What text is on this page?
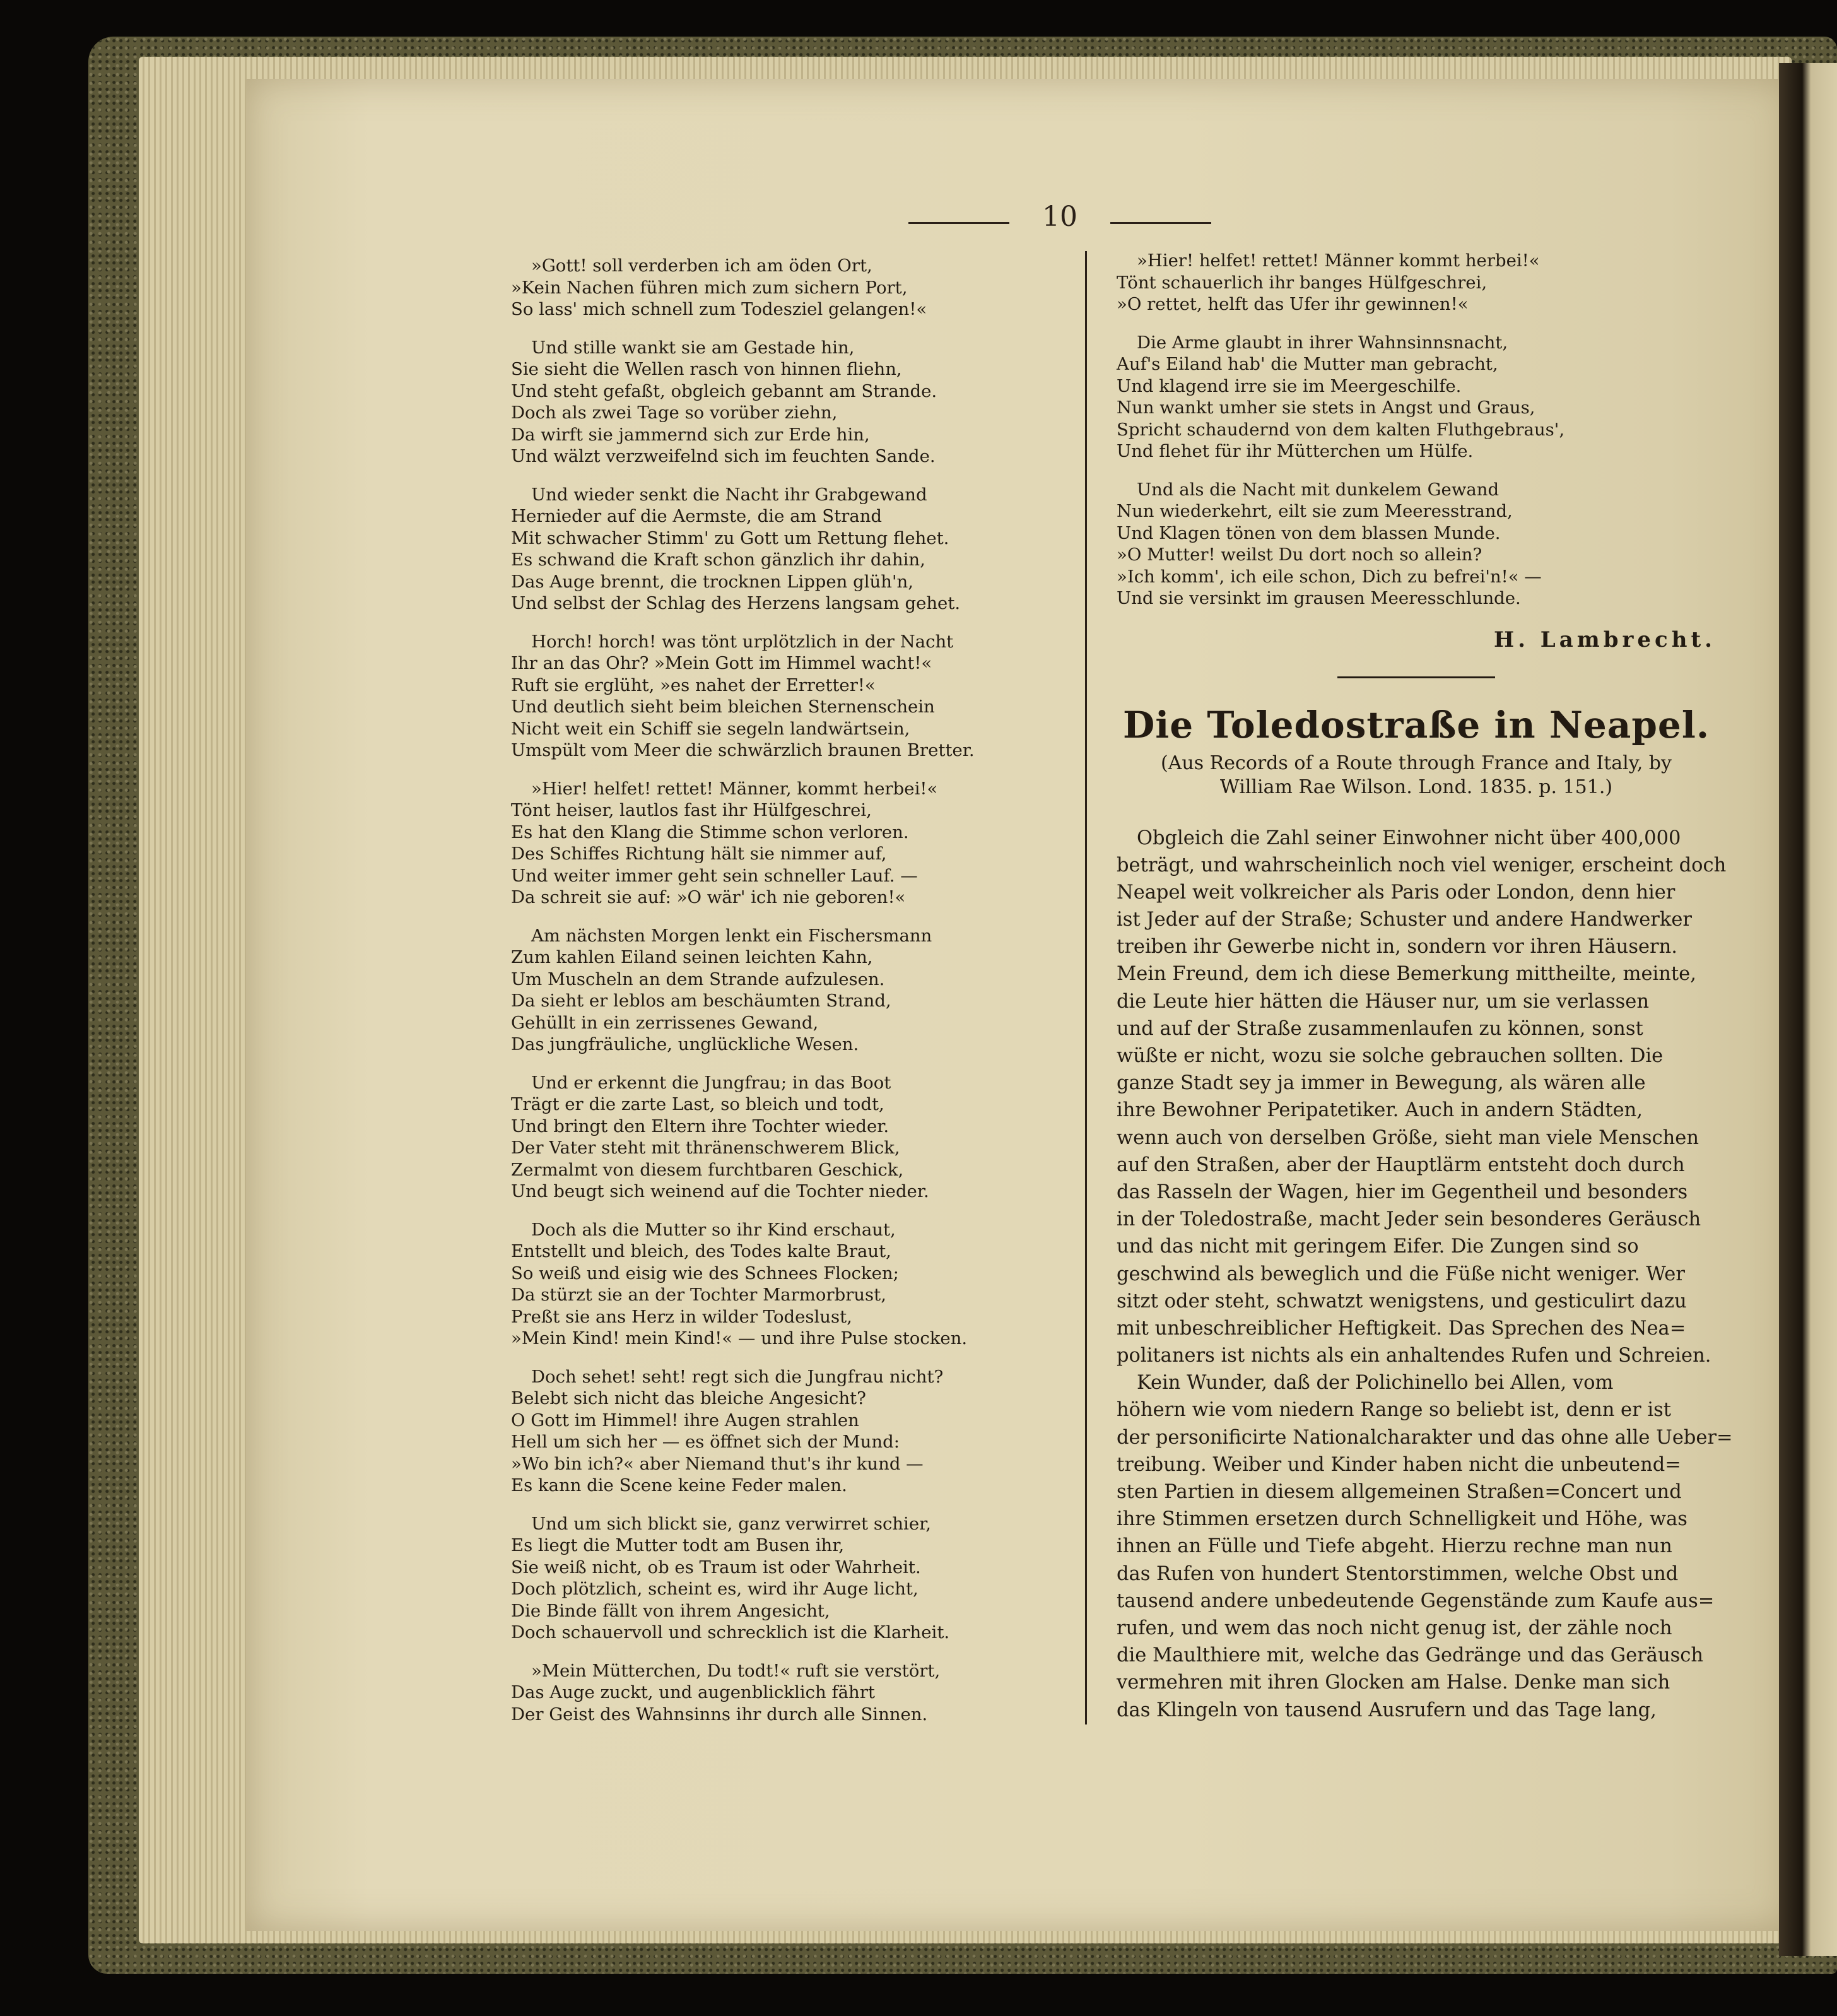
10
»Gott! soll verderben ich am öden Ort,
»Kein Nachen führen mich zum sichern Port,
So lass' mich schnell zum Todesziel gelangen!«
Und stille wankt sie am Gestade hin,
Sie sieht die Wellen rasch von hinnen fliehn,
Und steht gefaßt, obgleich gebannt am Strande.
Doch als zwei Tage so vorüber ziehn,
Da wirft sie jammernd sich zur Erde hin,
Und wälzt verzweifelnd sich im feuchten Sande.
Und wieder senkt die Nacht ihr Grabgewand
Hernieder auf die Aermste, die am Strand
Mit schwacher Stimm' zu Gott um Rettung flehet.
Es schwand die Kraft schon gänzlich ihr dahin,
Das Auge brennt, die trocknen Lippen glüh'n,
Und selbst der Schlag des Herzens langsam gehet.
Horch! horch! was tönt urplötzlich in der Nacht
Ihr an das Ohr? »Mein Gott im Himmel wacht!«
Ruft sie erglüht, »es nahet der Erretter!«
Und deutlich sieht beim bleichen Sternenschein
Nicht weit ein Schiff sie segeln landwärtsein,
Umspült vom Meer die schwärzlich braunen Bretter.
»Hier! helfet! rettet! Männer, kommt herbei!«
Tönt heiser, lautlos fast ihr Hülfgeschrei,
Es hat den Klang die Stimme schon verloren.
Des Schiffes Richtung hält sie nimmer auf,
Und weiter immer geht sein schneller Lauf. —
Da schreit sie auf: »O wär' ich nie geboren!«
Am nächsten Morgen lenkt ein Fischersmann
Zum kahlen Eiland seinen leichten Kahn,
Um Muscheln an dem Strande aufzulesen.
Da sieht er leblos am beschäumten Strand,
Gehüllt in ein zerrissenes Gewand,
Das jungfräuliche, unglückliche Wesen.
Und er erkennt die Jungfrau; in das Boot
Trägt er die zarte Last, so bleich und todt,
Und bringt den Eltern ihre Tochter wieder.
Der Vater steht mit thränenschwerem Blick,
Zermalmt von diesem furchtbaren Geschick,
Und beugt sich weinend auf die Tochter nieder.
Doch als die Mutter so ihr Kind erschaut,
Entstellt und bleich, des Todes kalte Braut,
So weiß und eisig wie des Schnees Flocken;
Da stürzt sie an der Tochter Marmorbrust,
Preßt sie ans Herz in wilder Todeslust,
»Mein Kind! mein Kind!« — und ihre Pulse stocken.
Doch sehet! seht! regt sich die Jungfrau nicht?
Belebt sich nicht das bleiche Angesicht?
O Gott im Himmel! ihre Augen strahlen
Hell um sich her — es öffnet sich der Mund:
»Wo bin ich?« aber Niemand thut's ihr kund —
Es kann die Scene keine Feder malen.
Und um sich blickt sie, ganz verwirret schier,
Es liegt die Mutter todt am Busen ihr,
Sie weiß nicht, ob es Traum ist oder Wahrheit.
Doch plötzlich, scheint es, wird ihr Auge licht,
Die Binde fällt von ihrem Angesicht,
Doch schauervoll und schrecklich ist die Klarheit.
»Mein Mütterchen, Du todt!« ruft sie verstört,
Das Auge zuckt, und augenblicklich fährt
Der Geist des Wahnsinns ihr durch alle Sinnen.
»Hier! helfet! rettet! Männer kommt herbei!«
Tönt schauerlich ihr banges Hülfgeschrei,
»O rettet, helft das Ufer ihr gewinnen!«
Die Arme glaubt in ihrer Wahnsinnsnacht,
Auf's Eiland hab' die Mutter man gebracht,
Und klagend irre sie im Meergeschilfe.
Nun wankt umher sie stets in Angst und Graus,
Spricht schaudernd von dem kalten Fluthgebraus',
Und flehet für ihr Mütterchen um Hülfe.
Und als die Nacht mit dunkelem Gewand
Nun wiederkehrt, eilt sie zum Meeresstrand,
Und Klagen tönen von dem blassen Munde.
»O Mutter! weilst Du dort noch so allein?
»Ich komm', ich eile schon, Dich zu befrei'n!« —
Und sie versinkt im grausen Meeresschlunde.
H. Lambrecht.
Die Toledostraße in Neapel.
(Aus Records of a Route through France and Italy, by
William Rae Wilson. Lond. 1835. p. 151.)
Obgleich die Zahl seiner Einwohner nicht über 400,000
beträgt, und wahrscheinlich noch viel weniger, erscheint doch
Neapel weit volkreicher als Paris oder London, denn hier
ist Jeder auf der Straße; Schuster und andere Handwerker
treiben ihr Gewerbe nicht in, sondern vor ihren Häusern.
Mein Freund, dem ich diese Bemerkung mittheilte, meinte,
die Leute hier hätten die Häuser nur, um sie verlassen
und auf der Straße zusammenlaufen zu können, sonst
wüßte er nicht, wozu sie solche gebrauchen sollten. Die
ganze Stadt sey ja immer in Bewegung, als wären alle
ihre Bewohner Peripatetiker. Auch in andern Städten,
wenn auch von derselben Größe, sieht man viele Menschen
auf den Straßen, aber der Hauptlärm entsteht doch durch
das Rasseln der Wagen, hier im Gegentheil und besonders
in der Toledostraße, macht Jeder sein besonderes Geräusch
und das nicht mit geringem Eifer. Die Zungen sind so
geschwind als beweglich und die Füße nicht weniger. Wer
sitzt oder steht, schwatzt wenigstens, und gesticulirt dazu
mit unbeschreiblicher Heftigkeit. Das Sprechen des Nea=
politaners ist nichts als ein anhaltendes Rufen und Schreien.
Kein Wunder, daß der Polichinello bei Allen, vom
höhern wie vom niedern Range so beliebt ist, denn er ist
der personificirte Nationalcharakter und das ohne alle Ueber=
treibung. Weiber und Kinder haben nicht die unbeutend=
sten Partien in diesem allgemeinen Straßen=Concert und
ihre Stimmen ersetzen durch Schnelligkeit und Höhe, was
ihnen an Fülle und Tiefe abgeht. Hierzu rechne man nun
das Rufen von hundert Stentorstimmen, welche Obst und
tausend andere unbedeutende Gegenstände zum Kaufe aus=
rufen, und wem das noch nicht genug ist, der zähle noch
die Maulthiere mit, welche das Gedränge und das Geräusch
vermehren mit ihren Glocken am Halse. Denke man sich
das Klingeln von tausend Ausrufern und das Tage lang,
